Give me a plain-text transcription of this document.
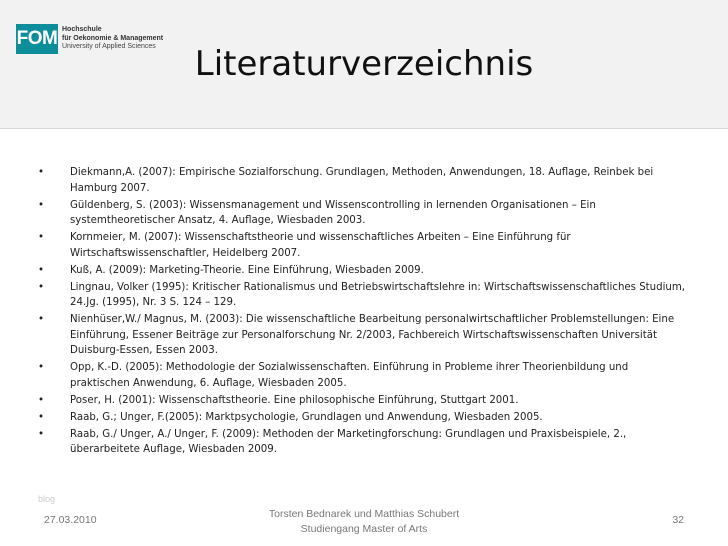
FOM Hochschule
für Oekonomie & Management
University of Applied Sciences	Literaturverzeichnis
•	Diekmann,A. (2007): Empirische Sozialforschung. Grundlagen, Methoden, Anwendungen, 18. Auflage, Reinbek bei Hamburg 2007.
•	Güldenberg, S. (2003): Wissensmanagement und Wissenscontrolling in lernenden Organisationen – Ein systemtheoretischer Ansatz, 4. Auflage, Wiesbaden 2003.
•	Kornmeier, M. (2007): Wissenschaftstheorie und wissenschaftliches Arbeiten – Eine Einführung für Wirtschaftswissenschaftler, Heidelberg 2007.
•	Kuß, A. (2009): Marketing-Theorie. Eine Einführung, Wiesbaden 2009.
•	Lingnau, Volker (1995): Kritischer Rationalismus und Betriebswirtschaftslehre in: Wirtschaftswissenschaftliches Studium, 24.Jg. (1995), Nr. 3 S. 124 – 129.
•	Nienhüser,W./ Magnus, M. (2003): Die wissenschaftliche Bearbeitung personalwirtschaftlicher Problemstellungen: Eine Einführung, Essener Beiträge zur Personalforschung Nr. 2/2003, Fachbereich Wirtschaftswissenschaften Universität Duisburg-Essen, Essen 2003.
•	Opp, K.-D. (2005): Methodologie der Sozialwissenschaften. Einführung in Probleme ihrer Theorienbildung und praktischen Anwendung, 6. Auflage, Wiesbaden 2005.
•	Poser, H. (2001): Wissenschaftstheorie. Eine philosophische Einführung, Stuttgart 2001.
•	Raab, G.; Unger, F.(2005): Marktpsychologie, Grundlagen und Anwendung, Wiesbaden 2005.
•	Raab, G./ Unger, A./ Unger, F. (2009): Methoden der Marketingforschung: Grundlagen und Praxisbeispiele, 2., überarbeitete Auflage, Wiesbaden 2009.
blog
27.03.2010	Torsten Bednarek und Matthias Schubert
Studiengang Master of Arts
32
